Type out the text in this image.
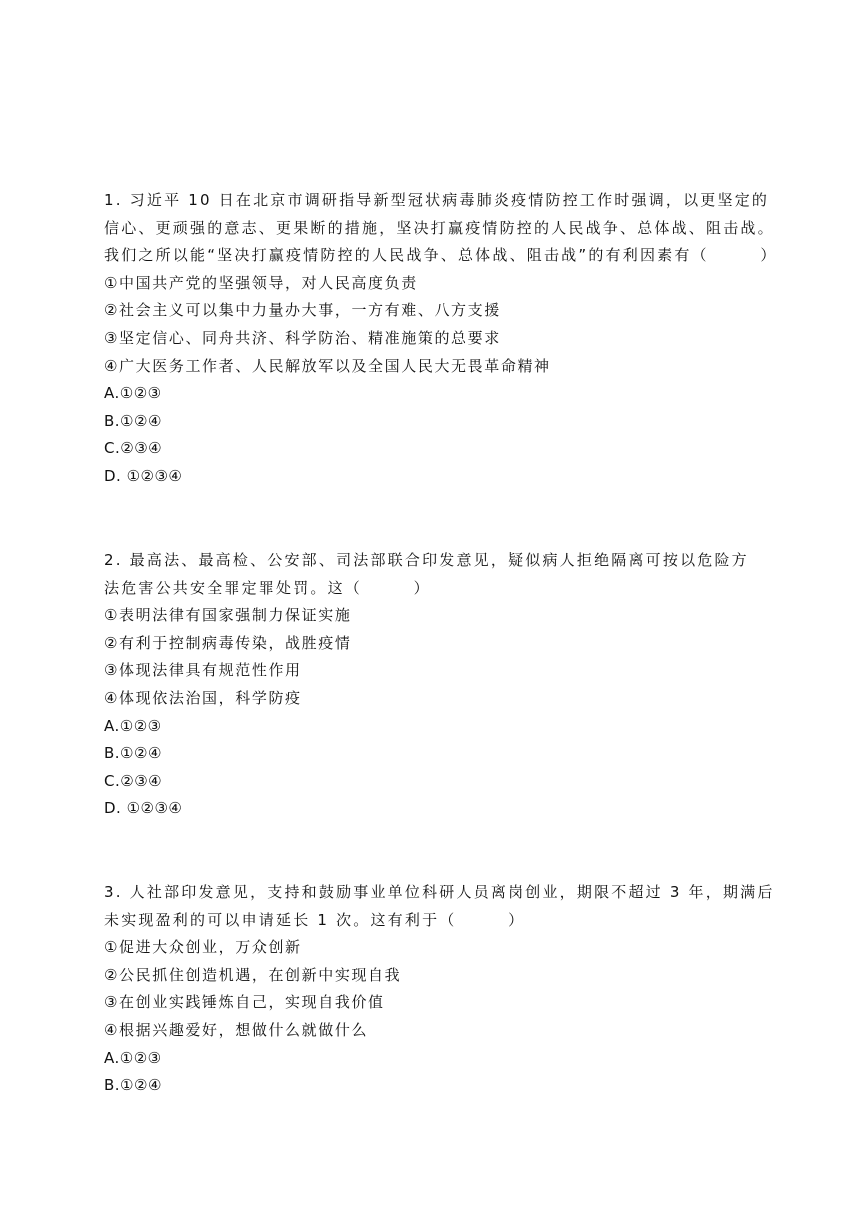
1. 习近平 10 日在北京市调研指导新型冠状病毒肺炎疫情防控工作时强调，以更坚定的
信心、更顽强的意志、更果断的措施，坚决打赢疫情防控的人民战争、总体战、阻击战。
我们之所以能“坚决打赢疫情防控的人民战争、总体战、阻击战”的有利因素有（　　　）
①中国共产党的坚强领导，对人民高度负责
②社会主义可以集中力量办大事，一方有难、八方支援
③坚定信心、同舟共济、科学防治、精准施策的总要求
④广大医务工作者、人民解放军以及全国人民大无畏革命精神
A.①②③
B.①②④
C.②③④
D. ①②③④
2. 最高法、最高检、公安部、司法部联合印发意见，疑似病人拒绝隔离可按以危险方
法危害公共安全罪定罪处罚。这（　　　）
①表明法律有国家强制力保证实施
②有利于控制病毒传染，战胜疫情
③体现法律具有规范性作用
④体现依法治国，科学防疫
A.①②③
B.①②④
C.②③④
D. ①②③④
3. 人社部印发意见，支持和鼓励事业单位科研人员离岗创业，期限不超过 3 年，期满后
未实现盈利的可以申请延长 1 次。这有利于（　　　）
①促进大众创业，万众创新
②公民抓住创造机遇，在创新中实现自我
③在创业实践锤炼自己，实现自我价值
④根据兴趣爱好，想做什么就做什么
A.①②③
B.①②④
